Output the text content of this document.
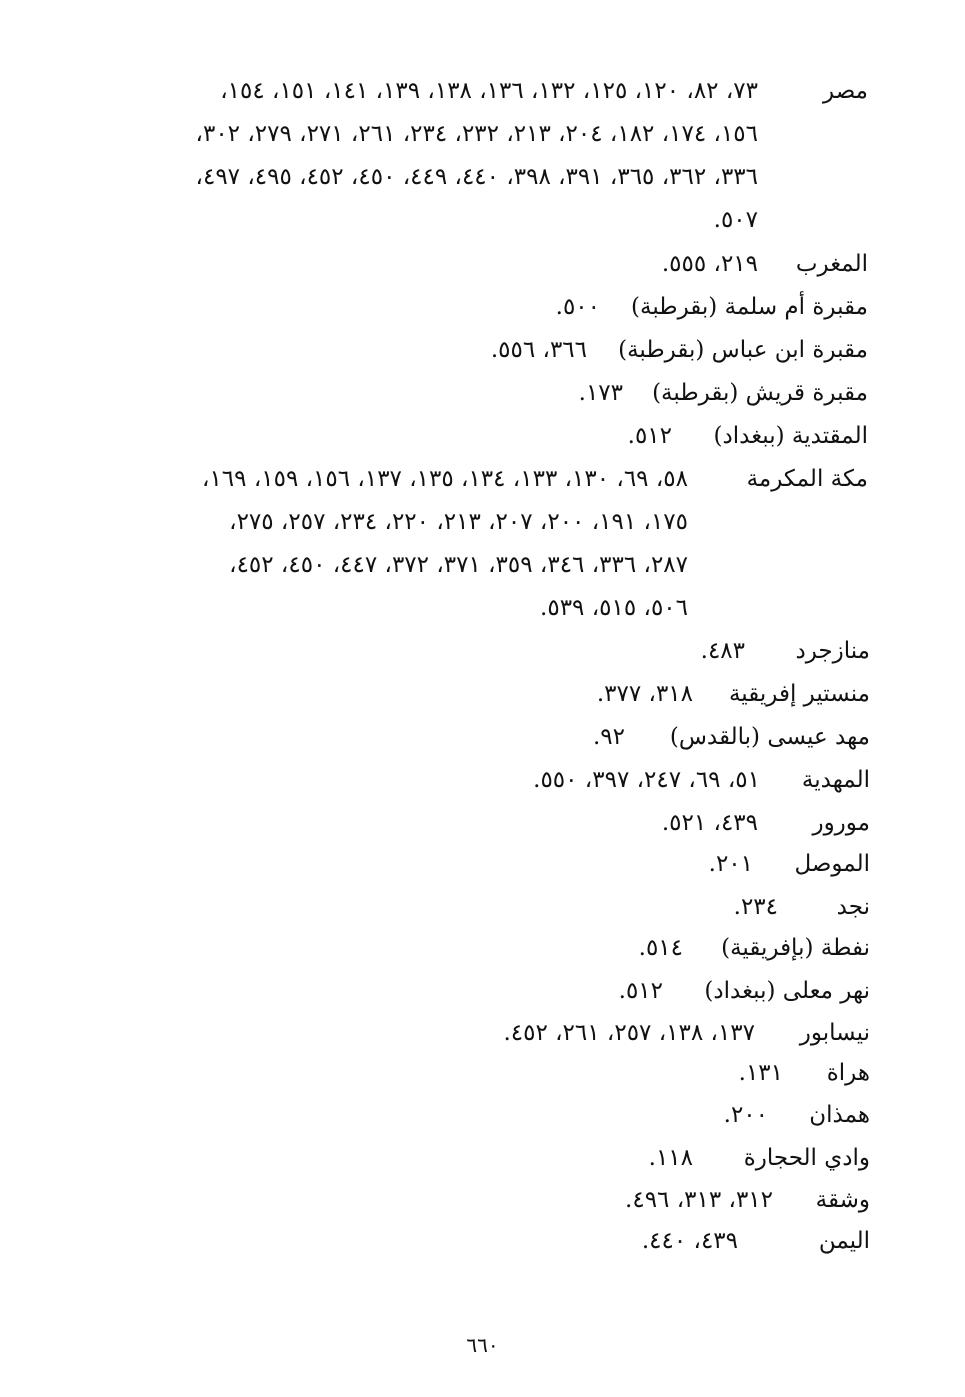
مصر
٧٣، ٨٢، ١٢٠، ١٢٥، ١٣٢، ١٣٦، ١٣٨، ١٣٩، ١٤١، ١٥١، ١٥٤،
١٥٦، ١٧٤، ١٨٢، ٢٠٤، ٢١٣، ٢٣٢، ٢٣٤، ٢٦١، ٢٧١، ٢٧٩، ٣٠٢،
٣٣٦، ٣٦٢، ٣٦٥، ٣٩١، ٣٩٨، ٤٤٠، ٤٤٩، ٤٥٠، ٤٥٢، ٤٩٥، ٤٩٧،
٥٠٧.
المغرب
٢١٩، ٥٥٥.
مقبرة أم سلمة (بقرطبة)
٥٠٠.
مقبرة ابن عباس (بقرطبة)
٣٦٦، ٥٥٦.
مقبرة قريش (بقرطبة)
١٧٣.
المقتدية (ببغداد)
٥١٢.
مكة المكرمة
٥٨، ٦٩، ١٣٠، ١٣٣، ١٣٤، ١٣٥، ١٣٧، ١٥٦، ١٥٩، ١٦٩،
١٧٥، ١٩١، ٢٠٠، ٢٠٧، ٢١٣، ٢٢٠، ٢٣٤، ٢٥٧، ٢٧٥،
٢٨٧، ٣٣٦، ٣٤٦، ٣٥٩، ٣٧١، ٣٧٢، ٤٤٧، ٤٥٠، ٤٥٢،
٥٠٦، ٥١٥، ٥٣٩.
منازجرد
٤٨٣.
منستير إفريقية
٣١٨، ٣٧٧.
مهد عيسى (بالقدس)
٩٢.
المهدية
٥١، ٦٩، ٢٤٧، ٣٩٧، ٥٥٠.
مورور
٤٣٩، ٥٢١.
الموصل
٢٠١.
نجد
٢٣٤.
نفطة (بإفريقية)
٥١٤.
نهر معلى (ببغداد)
٥١٢.
نيسابور
١٣٧، ١٣٨، ٢٥٧، ٢٦١، ٤٥٢.
هراة
١٣١.
همذان
٢٠٠.
وادي الحجارة
١١٨.
وشقة
٣١٢، ٣١٣، ٤٩٦.
اليمن
٤٣٩، ٤٤٠.
٦٦٠
